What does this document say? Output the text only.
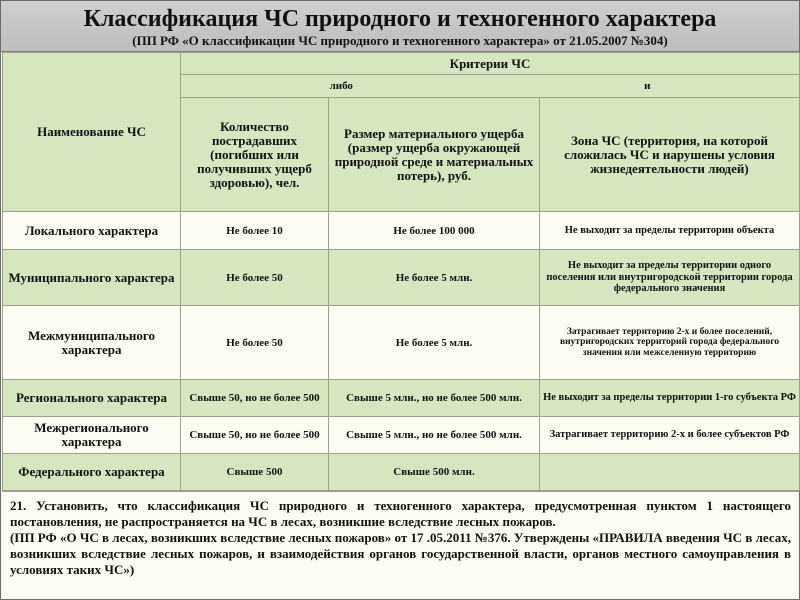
Классификация ЧС природного и техногенного характера
(ПП РФ «О классификации ЧС природного и техногенного характера» от 21.05.2007 №304)
Наименование ЧС	Критерии ЧС		

	либо и		

	Количество пострадавших (погибших или получивших ущерб здоровью), чел.	Размер материального ущерба (размер ущерба окружающей природной среде и материальных потерь), руб.	Зона ЧС (территория, на которой сложилась ЧС и нарушены условия жизнедеятельности людей)
Локального характера	Не более 10	Не более 100 000	Не выходит за пределы территории объекта
Муниципального характера	Не более 50	Не более 5 млн.	Не выходит за пределы территории одного поселения или внутригородской территории города федерального значения
Межмуниципального характера	Не более 50	Не более 5 млн.	Затрагивает территорию 2-х и более поселений, внутригородских территорий города федерального значения или межселенную территорию
Регионального характера	Свыше 50, но не более 500	Свыше 5 млн., но не более 500 млн.	Не выходит за пределы территории 1-го субъекта РФ
Межрегионального характера	Свыше 50, но не более 500	Свыше 5 млн., но не более 500 млн.	Затрагивает территорию 2-х и более субъектов РФ
Федерального характера	Свыше 500	Свыше 500 млн.	

21. Установить, что классификация ЧС природного и техногенного характера, предусмотренная пунктом 1 настоящего постановления, не распространяется на ЧС в лесах, возникшие вследствие лесных пожаров.

(ПП РФ «О ЧС в лесах, возникших вследствие лесных пожаров» от 17 .05.2011 №376. Утверждены «ПРАВИЛА введения ЧС в лесах, возникших вследствие лесных пожаров, и взаимодействия органов государственной власти, органов местного самоуправления в условиях таких ЧС»)
